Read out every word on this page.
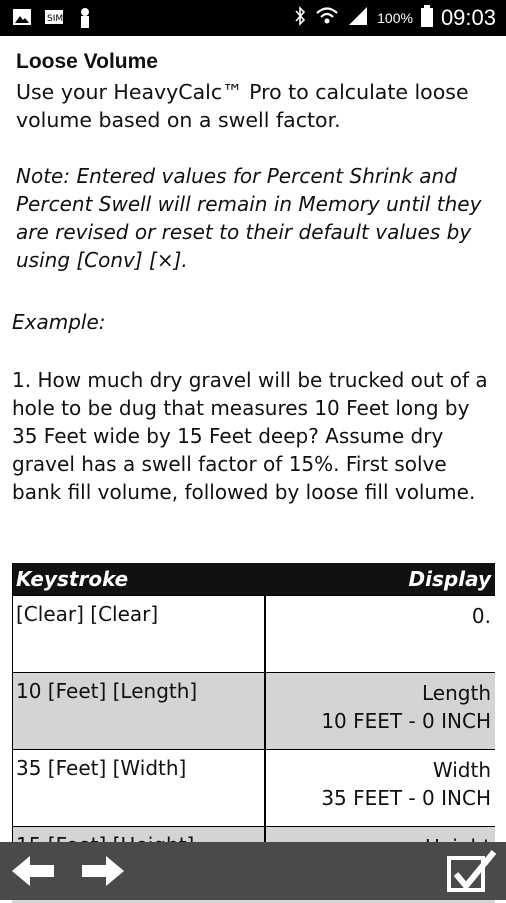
SIM	100% 09:03
Loose Volume
Use your HeavyCalc™ Pro to calculate loose volume based on a swell factor.
Note: Entered values for Percent Shrink and Percent Swell will remain in Memory until they are revised or reset to their default values by using [Conv] [×].
Example:
1. How much dry gravel will be trucked out of a hole to be dug that measures 10 Feet long by 35 Feet wide by 15 Feet deep? Assume dry gravel has a swell factor of 15%. First solve bank fill volume, followed by loose fill volume.
Keystroke	Display
[Clear] [Clear]	0.

10 [Feet] [Length]	Length
10 FEET - 0 INCH
35 [Feet] [Width]	Width
35 FEET - 0 INCH
